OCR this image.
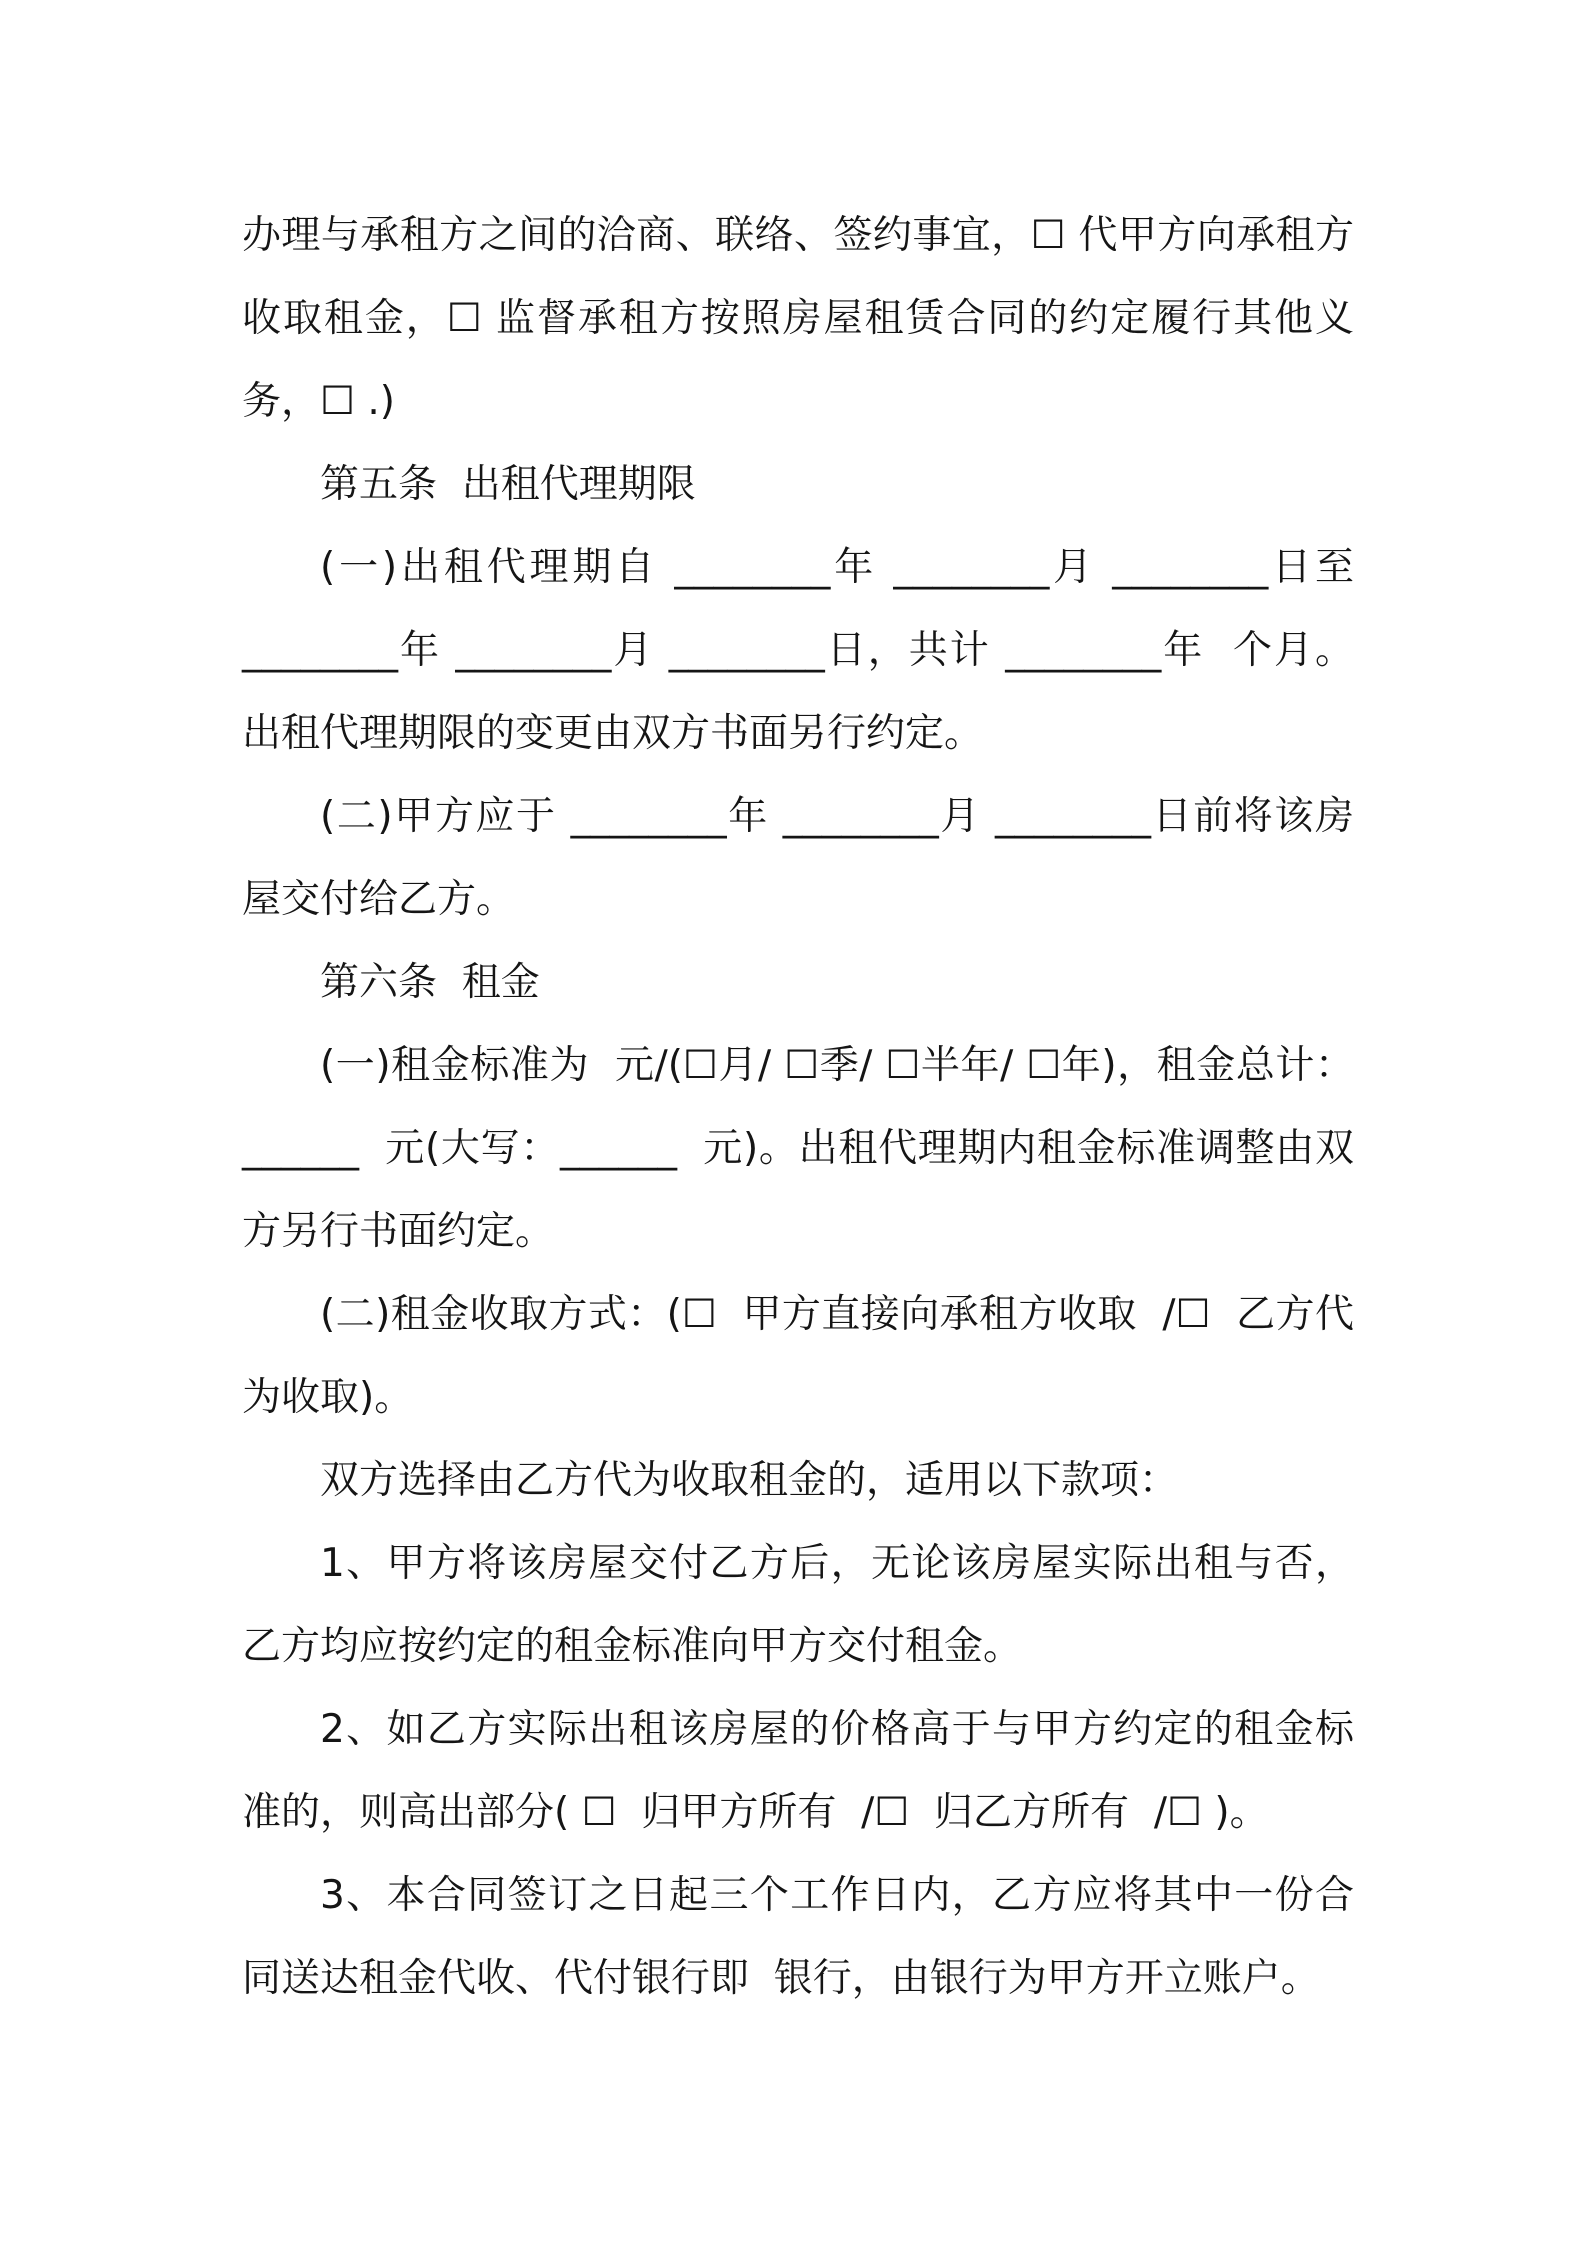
办理与承租方之间的洽商、联络、签约事宜，☐ 代甲方向承租方收取租金，☐ 监督承租方按照房屋租赁合同的约定履行其他义务，☐ .)

第五条  出租代理期限

(一)出租代理期自 ________年 ________月 ________日至 ________年 ________月 ________日，共计 ________年  个月。出租代理期限的变更由双方书面另行约定。

(二)甲方应于 ________年 ________月 ________日前将该房屋交付给乙方。

第六条  租金

(一)租金标准为  元/(☐月/ ☐季/ ☐半年/ ☐年)，租金总计：______  元(大写：______  元)。出租代理期内租金标准调整由双方另行书面约定。

(二)租金收取方式：(☐  甲方直接向承租方收取  /☐  乙方代为收取)。

双方选择由乙方代为收取租金的，适用以下款项：

1、甲方将该房屋交付乙方后，无论该房屋实际出租与否，乙方均应按约定的租金标准向甲方交付租金。

2、如乙方实际出租该房屋的价格高于与甲方约定的租金标准的，则高出部分( ☐  归甲方所有  /☐  归乙方所有  /☐ )。

3、本合同签订之日起三个工作日内，乙方应将其中一份合同送达租金代收、代付银行即  银行，由银行为甲方开立账户。
